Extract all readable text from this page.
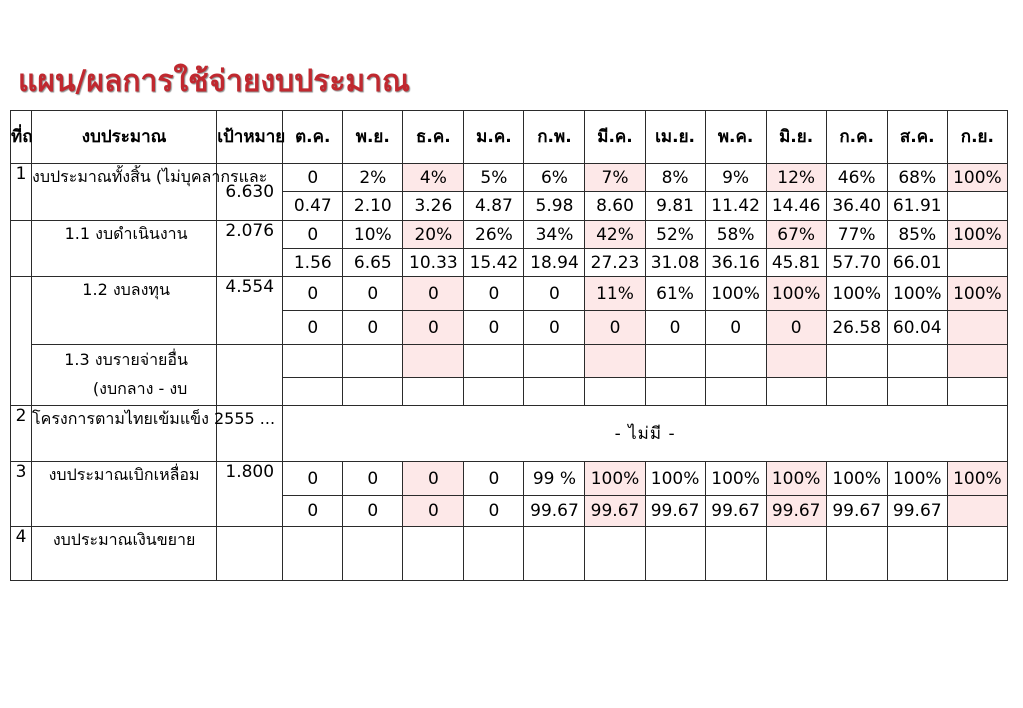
แผน/ผลการใช้จ่ายงบประมาณ
ที่ถ	งบประมาณ	เป้าหมาย	ต.ค.	พ.ย.	ธ.ค.	ม.ค.	ก.พ.	มี.ค.	เม.ย.	พ.ค.	มิ.ย.	ก.ค.	ส.ค.	ก.ย.
1	งบประมาณทั้งสิ้น (ไม่บุคลากรและ	6.630	0	2%	4%	5%	6%	7%	8%	9%	12%	46%	68%	100%
			0.47	2.10	3.26	4.87	5.98	8.60	9.81	11.42	14.46	36.40	61.91	
	1.1 งบดำเนินงาน	2.076	0	10%	20%	26%	34%	42%	52%	58%	67%	77%	85%	100%
			1.56	6.65	10.33	15.42	18.94	27.23	31.08	36.16	45.81	57.70	66.01	
	1.2 งบลงทุน	4.554	0	0	0	0	0	11%	61%	100%	100%	100%	100%	100%
			0	0	0	0	0	0	0	0	0	26.58	60.04	

	1.3 งบรายจ่ายอื่น
(งบกลาง - งบ													

2	โครงการตามไทยเข้มแข็ง 2555 ...		- ไม่มี -											
3	งบประมาณเบิกเหลื่อม	1.800	0	0	0	0	99 %	100%	100%	100%	100%	100%	100%	100%
			0	0	0	0	99.67	99.67	99.67	99.67	99.67	99.67	99.67	
4	งบประมาณเงินขยาย													
